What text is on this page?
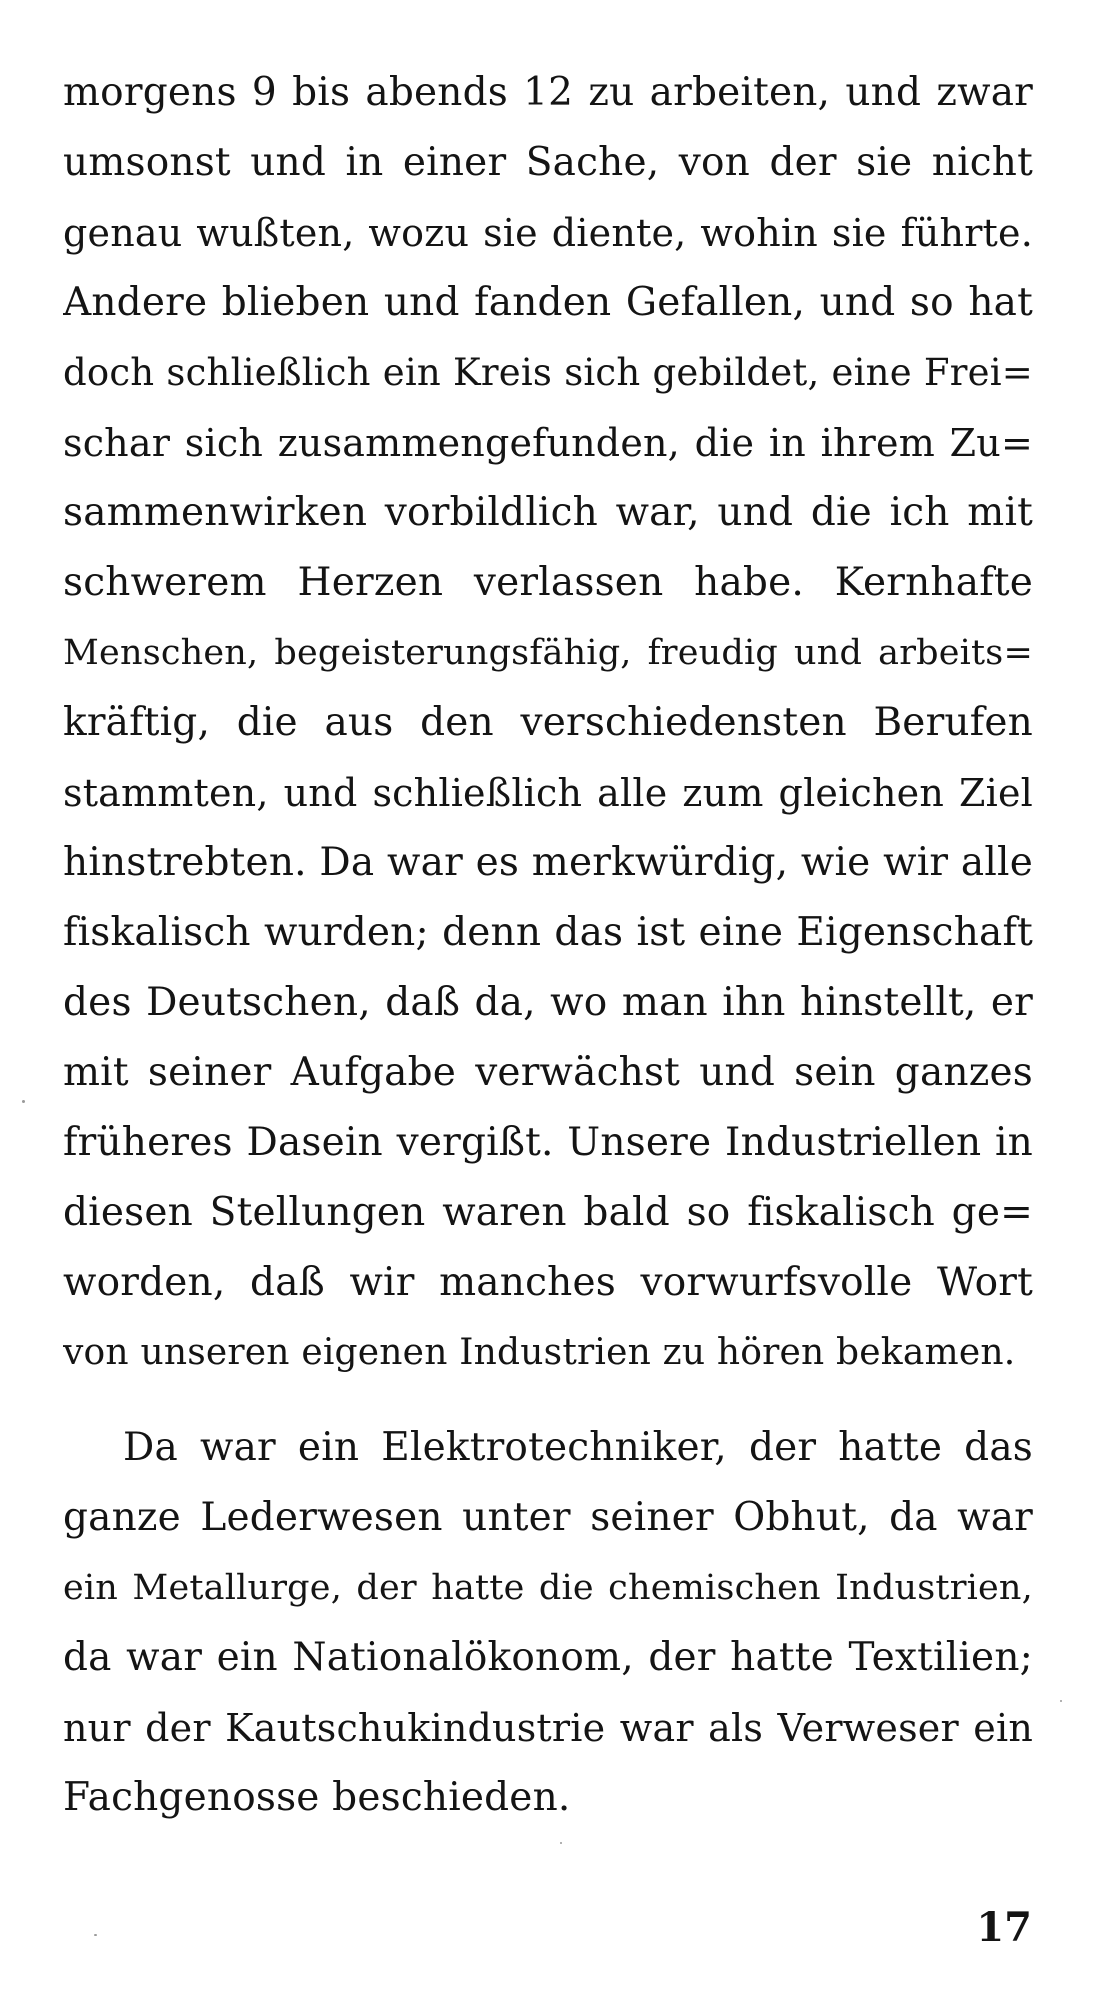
morgens 9 bis abends 12 zu arbeiten, und zwar
umsonst und in einer Sache, von der sie nicht
genau wußten, wozu sie diente, wohin sie führte.
Andere blieben und fanden Gefallen, und so hat
doch schließlich ein Kreis sich gebildet, eine Frei=
schar sich zusammengefunden, die in ihrem Zu=
sammenwirken vorbildlich war, und die ich mit
schwerem Herzen verlassen habe. Kernhafte
Menschen, begeisterungsfähig, freudig und arbeits=
kräftig, die aus den verschiedensten Berufen
stammten, und schließlich alle zum gleichen Ziel
hinstrebten. Da war es merkwürdig, wie wir alle
fiskalisch wurden; denn das ist eine Eigenschaft
des Deutschen, daß da, wo man ihn hinstellt, er
mit seiner Aufgabe verwächst und sein ganzes
früheres Dasein vergißt. Unsere Industriellen in
diesen Stellungen waren bald so fiskalisch ge=
worden, daß wir manches vorwurfsvolle Wort
von unseren eigenen Industrien zu hören bekamen.
Da war ein Elektrotechniker, der hatte das
ganze Lederwesen unter seiner Obhut, da war
ein Metallurge, der hatte die chemischen Industrien,
da war ein Nationalökonom, der hatte Textilien;
nur der Kautschukindustrie war als Verweser ein
Fachgenosse beschieden.
17
